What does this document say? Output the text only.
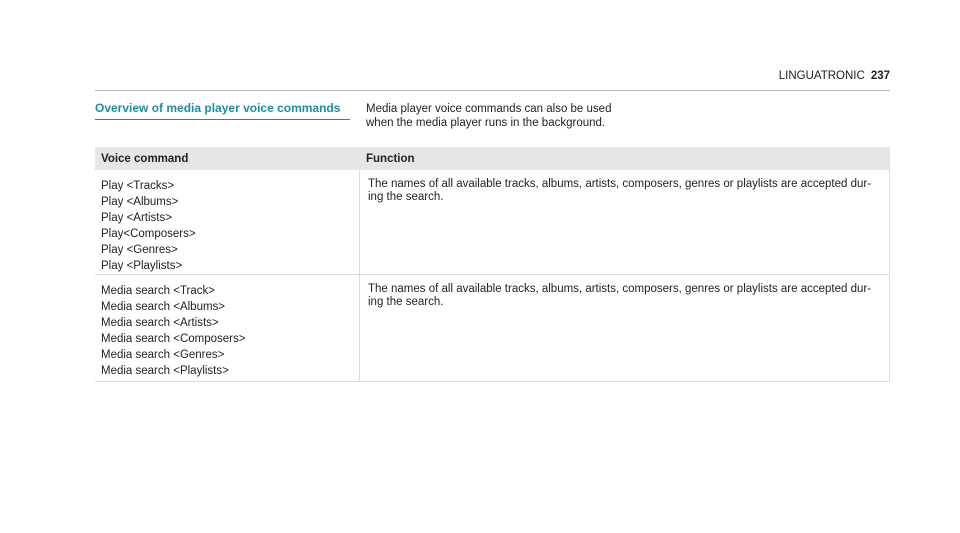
LINGUATRONIC 237
Overview of media player voice commands	Media player voice commands can also be used
when the media player runs in the background.
Voice command	Function
Play <Tracks>
Play <Albums>
Play <Artists>
Play<Composers>
Play <Genres>
Play <Playlists>
The names of all available tracks, albums, artists, composers, genres or playlists are accepted dur-
ing the search.
Media search <Track>
Media search <Albums>
Media search <Artists>
Media search <Composers>
Media search <Genres>
Media search <Playlists>
The names of all available tracks, albums, artists, composers, genres or playlists are accepted dur-
ing the search.
